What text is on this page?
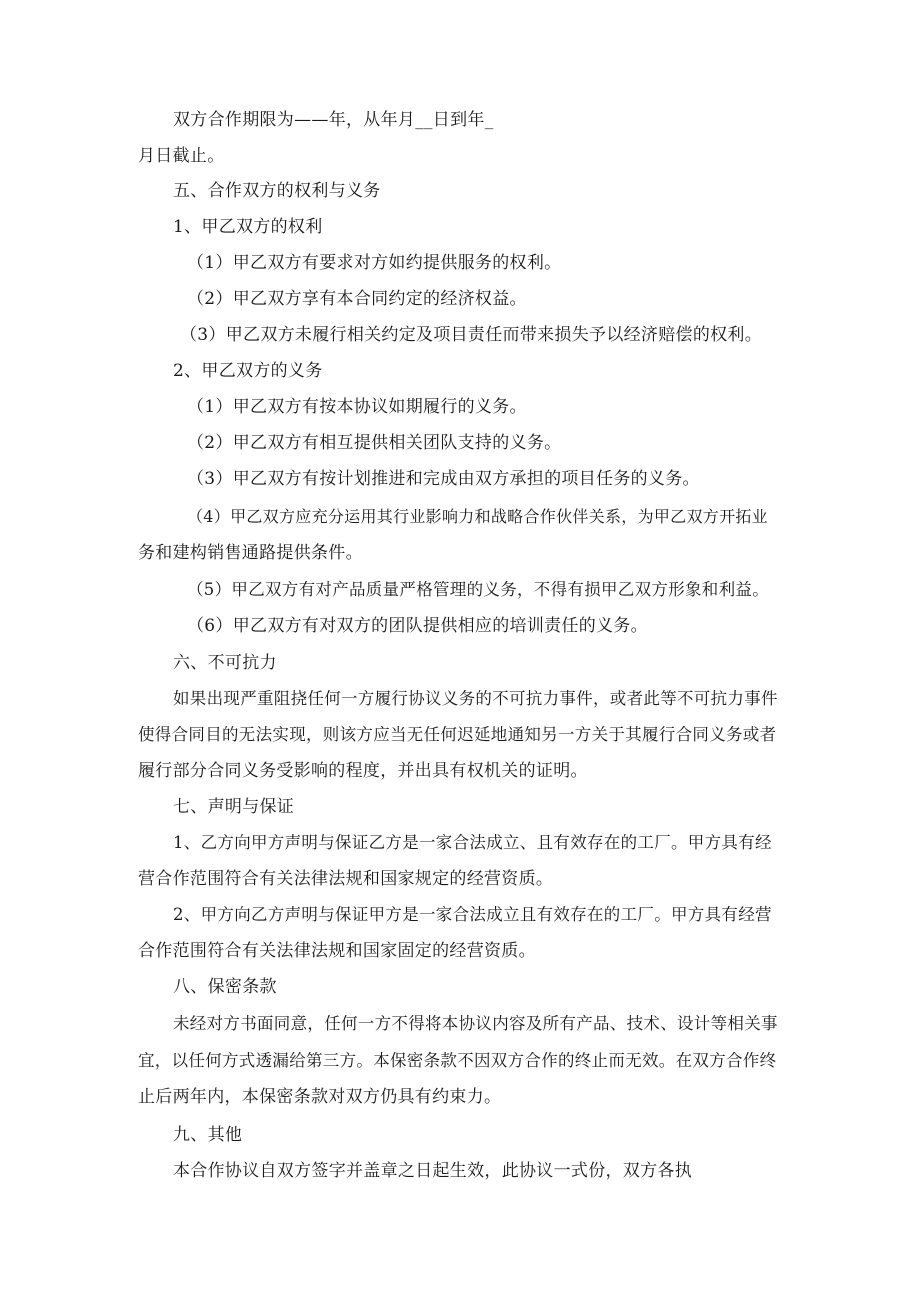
双方合作期限为——年，从年月__日到年_
月日截止。
五、合作双方的权利与义务
1、甲乙双方的权利
（1）甲乙双方有要求对方如约提供服务的权利。
（2）甲乙双方享有本合同约定的经济权益。
（3）甲乙双方未履行相关约定及项目责任而带来损失予以经济赔偿的权利。
2、甲乙双方的义务
（1）甲乙双方有按本协议如期履行的义务。
（2）甲乙双方有相互提供相关团队支持的义务。
（3）甲乙双方有按计划推进和完成由双方承担的项目任务的义务。
（4）甲乙双方应充分运用其行业影响力和战略合作伙伴关系，为甲乙双方开拓业
务和建构销售通路提供条件。
（5）甲乙双方有对产品质量严格管理的义务，不得有损甲乙双方形象和利益。
（6）甲乙双方有对双方的团队提供相应的培训责任的义务。
六、不可抗力
如果出现严重阻挠任何一方履行协议义务的不可抗力事件，或者此等不可抗力事件
使得合同目的无法实现，则该方应当无任何迟延地通知另一方关于其履行合同义务或者
履行部分合同义务受影响的程度，并出具有权机关的证明。
七、声明与保证
1、乙方向甲方声明与保证乙方是一家合法成立、且有效存在的工厂。甲方具有经
营合作范围符合有关法律法规和国家规定的经营资质。
2、甲方向乙方声明与保证甲方是一家合法成立且有效存在的工厂。甲方具有经营
合作范围符合有关法律法规和国家固定的经营资质。
八、保密条款
未经对方书面同意，任何一方不得将本协议内容及所有产品、技术、设计等相关事
宜，以任何方式透漏给第三方。本保密条款不因双方合作的终止而无效。在双方合作终
止后两年内，本保密条款对双方仍具有约束力。
九、其他
本合作协议自双方签字并盖章之日起生效，此协议一式份，双方各执
